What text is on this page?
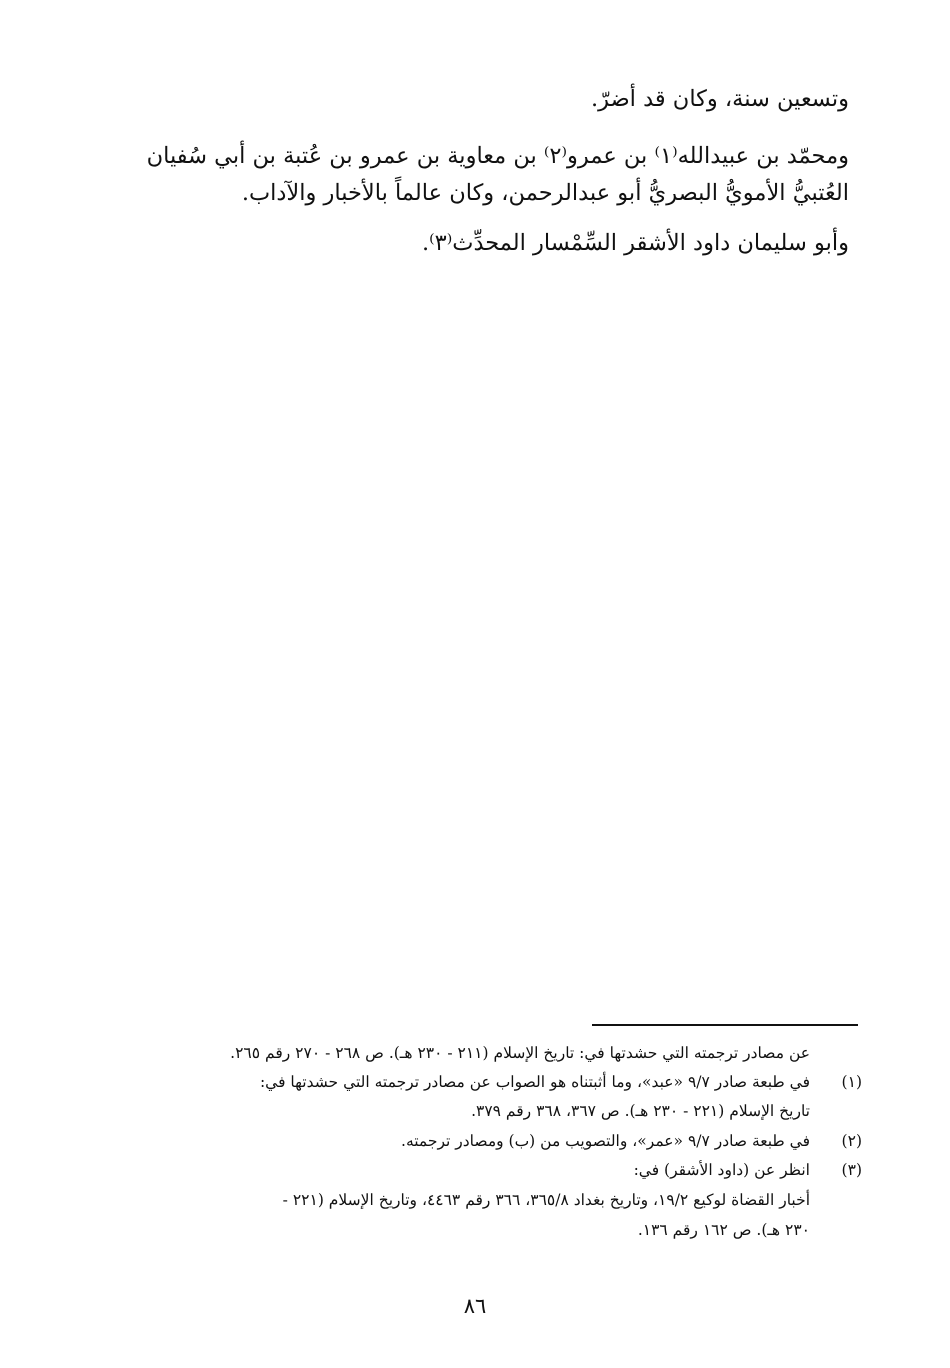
وتسعين سنة، وكان قد أضرّ.
ومحمّد بن عبيدالله⁽١⁾ بن عمرو⁽٢⁾ بن معاوية بن عمرو بن عُتبة بن أبي سُفيان
العُتبيُّ الأمويُّ البصريُّ أبو عبدالرحمن، وكان عالماً بالأخبار والآداب.
وأبو سليمان داود الأشقر السِّمْسار المحدِّث⁽٣⁾.
عن مصادر ترجمته التي حشدتها في: تاريخ الإسلام (٢١١ - ٢٣٠ هـ). ص ٢٦٨ - ٢٧٠ رقم ٢٦٥.
(١)
في طبعة صادر ٩/٧ «عبد»، وما أثبتناه هو الصواب عن مصادر ترجمته التي حشدتها في:
تاريخ الإسلام (٢٢١ - ٢٣٠ هـ). ص ٣٦٧، ٣٦٨ رقم ٣٧٩.
(٢)
في طبعة صادر ٩/٧ «عمر»، والتصويب من (ب) ومصادر ترجمته.
(٣)
انظر عن (داود الأشقر) في:
أخبار القضاة لوكيع ١٩/٢، وتاريخ بغداد ٣٦٥/٨، ٣٦٦ رقم ٤٤٦٣، وتاريخ الإسلام (٢٢١ -
٢٣٠ هـ). ص ١٦٢ رقم ١٣٦.
٨٦
